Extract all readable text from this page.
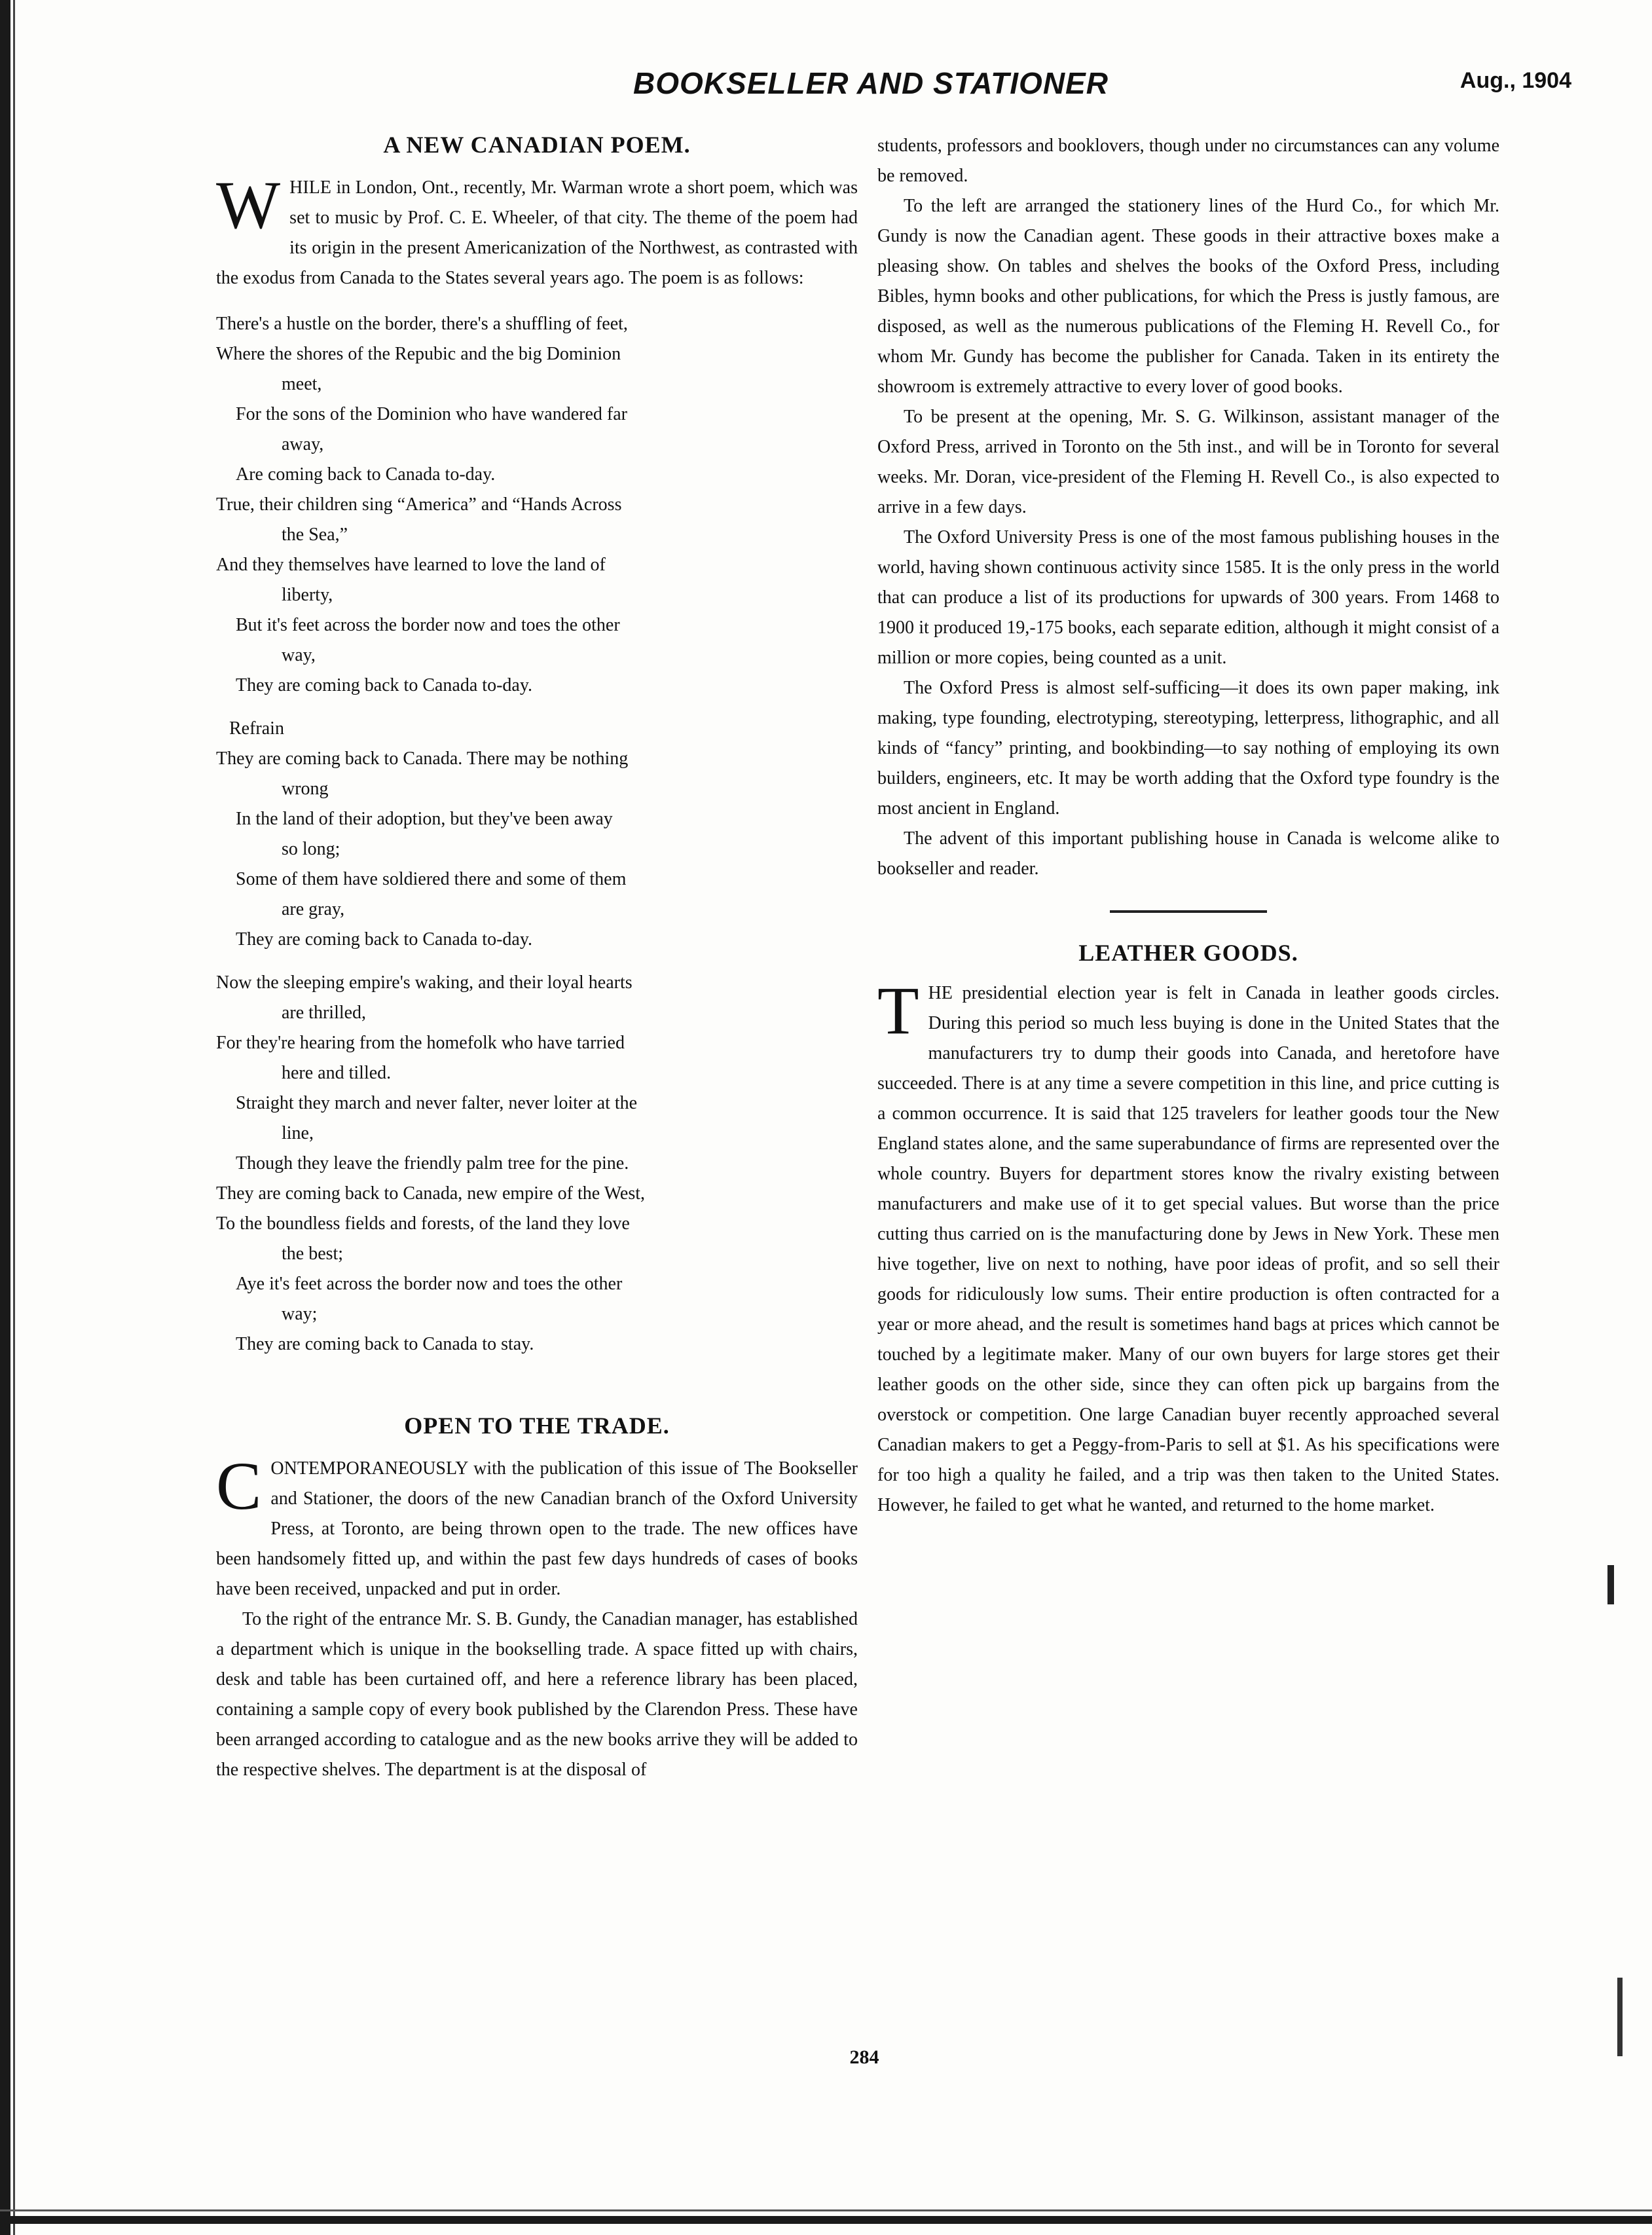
BOOKSELLER AND STATIONER	Aug., 1904
A NEW CANADIAN POEM.

WHILE in London, Ont., recently, Mr. Warman wrote a short poem, which was set to music by Prof. C. E. Wheeler, of that city. The theme of the poem had its origin in the present Americanization of the Northwest, as contrasted with the exodus from Canada to the States several years ago. The poem is as follows:

There's a hustle on the border, there's a shuffling of feet,
Where the shores of the Repubic and the big Dominion
meet,
For the sons of the Dominion who have wandered far
away,
Are coming back to Canada to-day.
True, their children sing “America” and “Hands Across
the Sea,”
And they themselves have learned to love the land of
liberty,
But it's feet across the border now and toes the other
way,
They are coming back to Canada to-day.
Refrain
They are coming back to Canada. There may be nothing
wrong
In the land of their adoption, but they've been away
so long;
Some of them have soldiered there and some of them
are gray,
They are coming back to Canada to-day.
Now the sleeping empire's waking, and their loyal hearts
are thrilled,
For they're hearing from the homefolk who have tarried
here and tilled.
Straight they march and never falter, never loiter at the
line,
Though they leave the friendly palm tree for the pine.
They are coming back to Canada, new empire of the West,
To the boundless fields and forests, of the land they love
the best;
Aye it's feet across the border now and toes the other
way;
They are coming back to Canada to stay.
OPEN TO THE TRADE.

CONTEMPORANEOUSLY with the publication of this issue of The Bookseller and Stationer, the doors of the new Canadian branch of the Oxford University Press, at Toronto, are being thrown open to the trade. The new offices have been handsomely fitted up, and within the past few days hundreds of cases of books have been received, unpacked and put in order.

To the right of the entrance Mr. S. B. Gundy, the Canadian manager, has established a department which is unique in the bookselling trade. A space fitted up with chairs, desk and table has been curtained off, and here a reference library has been placed, containing a sample copy of every book published by the Clarendon Press. These have been arranged according to catalogue and as the new books arrive they will be added to the respective shelves. The department is at the disposal of

students, professors and booklovers, though under no circumstances can any volume be removed.

To the left are arranged the stationery lines of the Hurd Co., for which Mr. Gundy is now the Canadian agent. These goods in their attractive boxes make a pleasing show. On tables and shelves the books of the Oxford Press, including Bibles, hymn books and other publications, for which the Press is justly famous, are disposed, as well as the numerous publications of the Fleming H. Revell Co., for whom Mr. Gundy has become the publisher for Canada. Taken in its entirety the showroom is extremely attractive to every lover of good books.

To be present at the opening, Mr. S. G. Wilkinson, assistant manager of the Oxford Press, arrived in Toronto on the 5th inst., and will be in Toronto for several weeks. Mr. Doran, vice-president of the Fleming H. Revell Co., is also expected to arrive in a few days.

The Oxford University Press is one of the most famous publishing houses in the world, having shown continuous activity since 1585. It is the only press in the world that can produce a list of its productions for upwards of 300 years. From 1468 to 1900 it produced 19,-175 books, each separate edition, although it might consist of a million or more copies, being counted as a unit.

The Oxford Press is almost self-sufficing—it does its own paper making, ink making, type founding, electrotyping, stereotyping, letterpress, lithographic, and all kinds of “fancy” printing, and bookbinding—to say nothing of employing its own builders, engineers, etc. It may be worth adding that the Oxford type foundry is the most ancient in England.

The advent of this important publishing house in Canada is welcome alike to bookseller and reader.

LEATHER GOODS.

THE presidential election year is felt in Canada in leather goods circles. During this period so much less buying is done in the United States that the manufacturers try to dump their goods into Canada, and heretofore have succeeded. There is at any time a severe competition in this line, and price cutting is a common occurrence. It is said that 125 travelers for leather goods tour the New England states alone, and the same superabundance of firms are represented over the whole country. Buyers for department stores know the rivalry existing between manufacturers and make use of it to get special values. But worse than the price cutting thus carried on is the manufacturing done by Jews in New York. These men hive together, live on next to nothing, have poor ideas of profit, and so sell their goods for ridiculously low sums. Their entire production is often contracted for a year or more ahead, and the result is sometimes hand bags at prices which cannot be touched by a legitimate maker. Many of our own buyers for large stores get their leather goods on the other side, since they can often pick up bargains from the overstock or competition. One large Canadian buyer recently approached several Canadian makers to get a Peggy-from-Paris to sell at $1. As his specifications were for too high a quality he failed, and a trip was then taken to the United States. However, he failed to get what he wanted, and returned to the home market.

284
